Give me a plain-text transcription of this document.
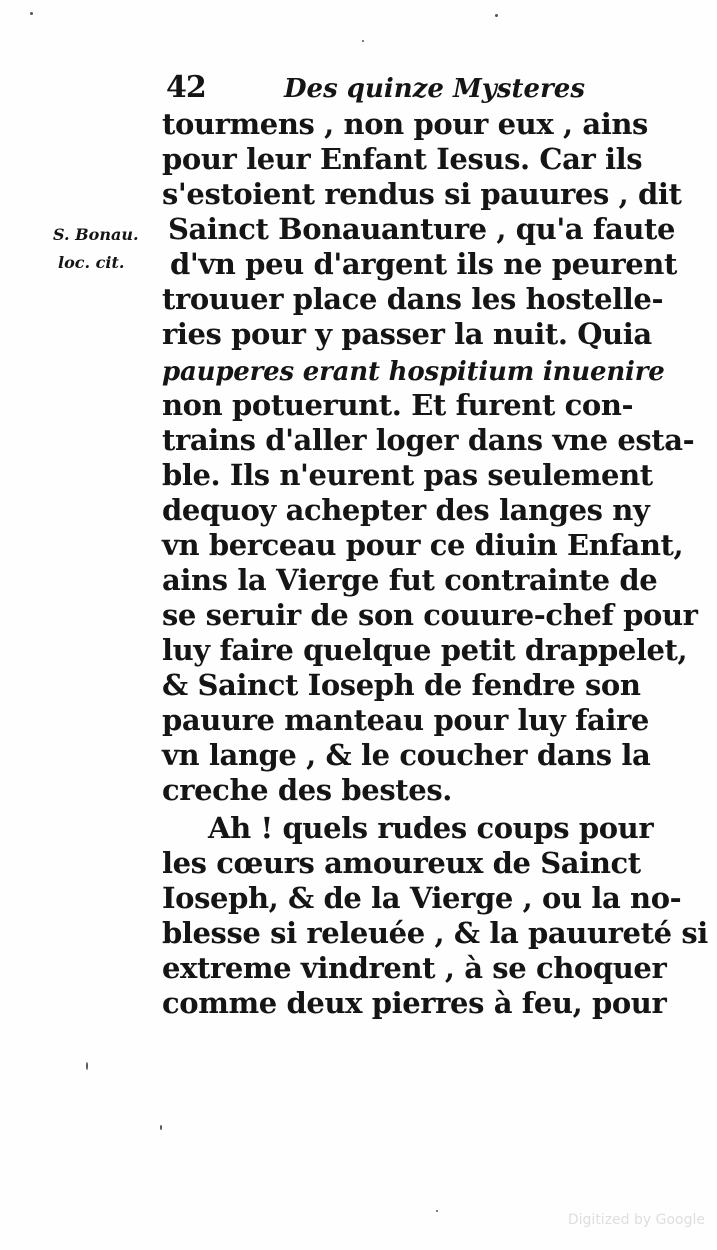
42	Des quinze Mysteres
S. Bonau.
loc. cit.
tourmens , non pour eux , ains
pour leur Enfant Iesus. Car ils
s'estoient rendus si pauures , dit
Sainct Bonauanture , qu'a faute
d'vn peu d'argent ils ne peurent
trouuer place dans les hostelle-
ries pour y passer la nuit. Quia
pauperes erant hospitium inuenire
non potuerunt. Et furent con-
trains d'aller loger dans vne esta-
ble. Ils n'eurent pas seulement
dequoy achepter des langes ny
vn berceau pour ce diuin Enfant,
ains la Vierge fut contrainte de
se seruir de son couure-chef pour
luy faire quelque petit drappelet,
& Sainct Ioseph de fendre son
pauure manteau pour luy faire
vn lange , & le coucher dans la
creche des bestes.
Ah ! quels rudes coups pour
les cœurs amoureux de Sainct
Ioseph, & de la Vierge , ou la no-
blesse si releuée , & la pauureté si
extreme vindrent , à se choquer
comme deux pierres à feu, pour
Digitized by Google
